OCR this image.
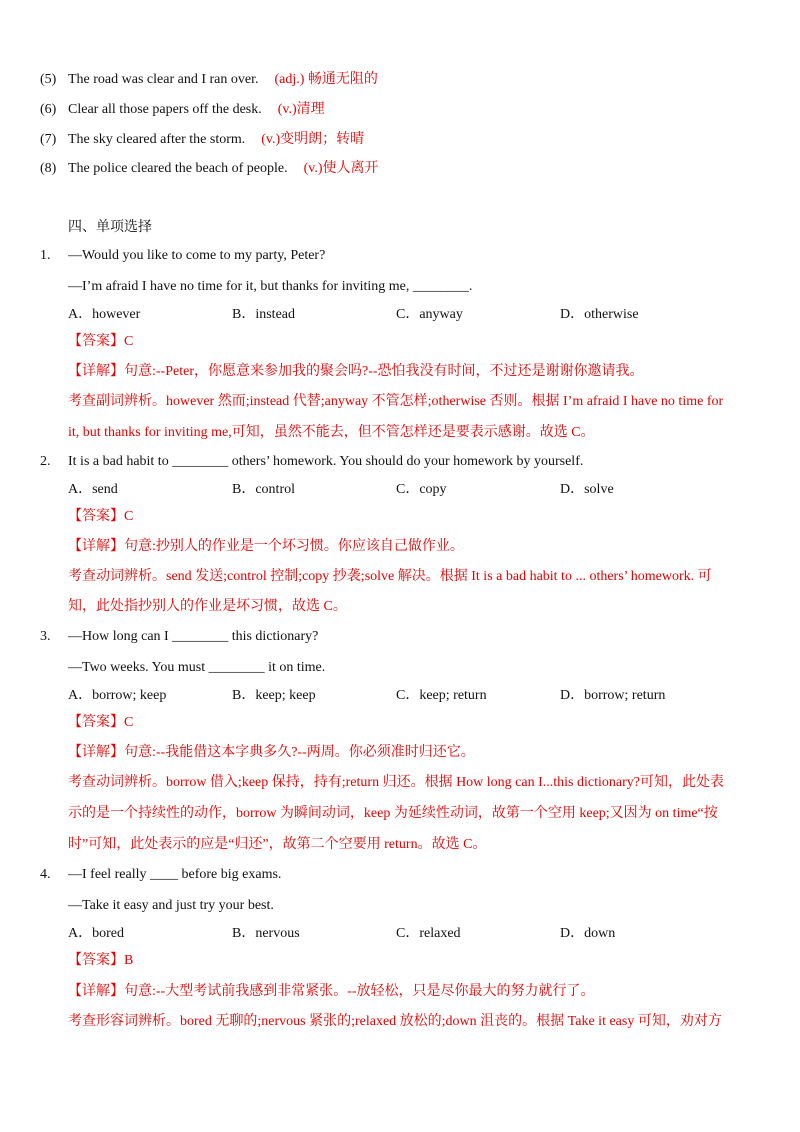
(5) The road was clear and I ran over. (adj.) 畅通无阻的
(6) Clear all those papers off the desk. (v.)清理
(7) The sky cleared after the storm. (v.)变明朗；转晴
(8) The police cleared the beach of people. (v.)使人离开
四、单项选择
1. —Would you like to come to my party, Peter?
—I’m afraid I have no time for it, but thanks for inviting me, ________.
A．however	B．instead	C．anyway	D．otherwise
【答案】C
【详解】句意:--Peter，你愿意来参加我的聚会吗?--恐怕我没有时间，不过还是谢谢你邀请我。
考查副词辨析。however 然而;instead 代替;anyway 不管怎样;otherwise 否则。根据 I’m afraid I have no time for
it, but thanks for inviting me,可知，虽然不能去，但不管怎样还是要表示感谢。故选 C。
2. It is a bad habit to ________ others’ homework. You should do your homework by yourself.
A．send	B．control	C．copy	D．solve
【答案】C
【详解】句意:抄别人的作业是一个坏习惯。你应该自己做作业。
考查动词辨析。send 发送;control 控制;copy 抄袭;solve 解决。根据 It is a bad habit to ... others’ homework. 可
知，此处指抄别人的作业是坏习惯，故选 C。
3. —How long can I ________ this dictionary?
—Two weeks. You must ________ it on time.
A．borrow; keep	B．keep; keep	C．keep; return	D．borrow; return
【答案】C
【详解】句意:--我能借这本字典多久?--两周。你必须准时归还它。
考查动词辨析。borrow 借入;keep 保持，持有;return 归还。根据 How long can I...this dictionary?可知，此处表
示的是一个持续性的动作，borrow 为瞬间动词，keep 为延续性动词，故第一个空用 keep;又因为 on time“按
时”可知，此处表示的应是“归还”，故第二个空要用 return。故选 C。
4. —I feel really ____ before big exams.
—Take it easy and just try your best.
A．bored	B．nervous	C．relaxed	D．down
【答案】B
【详解】句意:--大型考试前我感到非常紧张。--放轻松，只是尽你最大的努力就行了。
考查形容词辨析。bored 无聊的;nervous 紧张的;relaxed 放松的;down 沮丧的。根据 Take it easy 可知，劝对方
